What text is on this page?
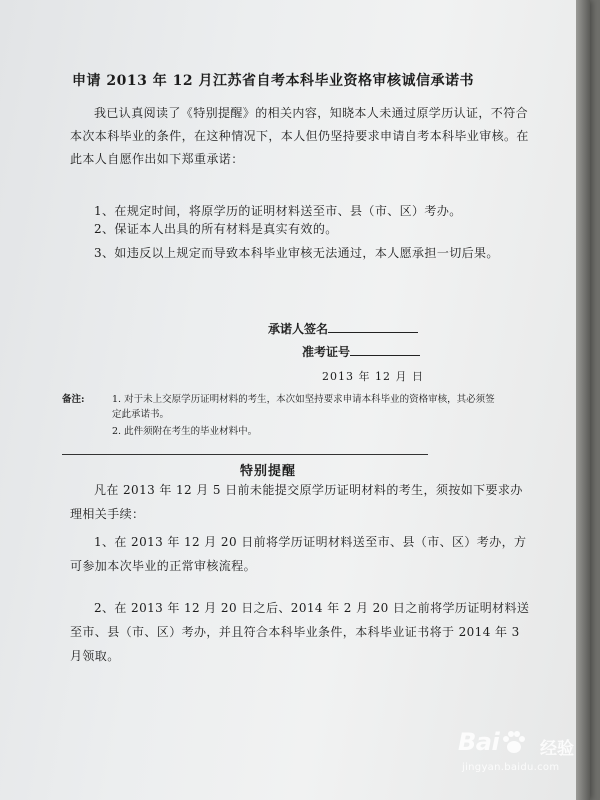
申请 2013 年 12 月江苏省自考本科毕业资格审核诚信承诺书
我已认真阅读了《特别提醒》的相关内容，知晓本人未通过原学历认证，不符合本次本科毕业的条件，在这种情况下，本人但仍坚持要求申请自考本科毕业审核。在此本人自愿作出如下郑重承诺：
1、在规定时间，将原学历的证明材料送至市、县（市、区）考办。
2、保证本人出具的所有材料是真实有效的。
3、如违反以上规定而导致本科毕业审核无法通过，本人愿承担一切后果。
承诺人签名
准考证号
2013 年 12 月 日
备注:	1. 对于未上交原学历证明材料的考生，本次如坚持要求申请本科毕业的资格审核，其必须签定此承诺书。
2. 此件须附在考生的毕业材料中。
特别提醒
凡在 2013 年 12 月 5 日前未能提交原学历证明材料的考生，须按如下要求办理相关手续：
1、在 2013 年 12 月 20 日前将学历证明材料送至市、县（市、区）考办，方可参加本次毕业的正常审核流程。
2、在 2013 年 12 月 20 日之后、2014 年 2 月 20 日之前将学历证明材料送至市、县（市、区）考办，并且符合本科毕业条件，本科毕业证书将于 2014 年 3 月领取。
Bai 经验
jingyan.baidu.com
